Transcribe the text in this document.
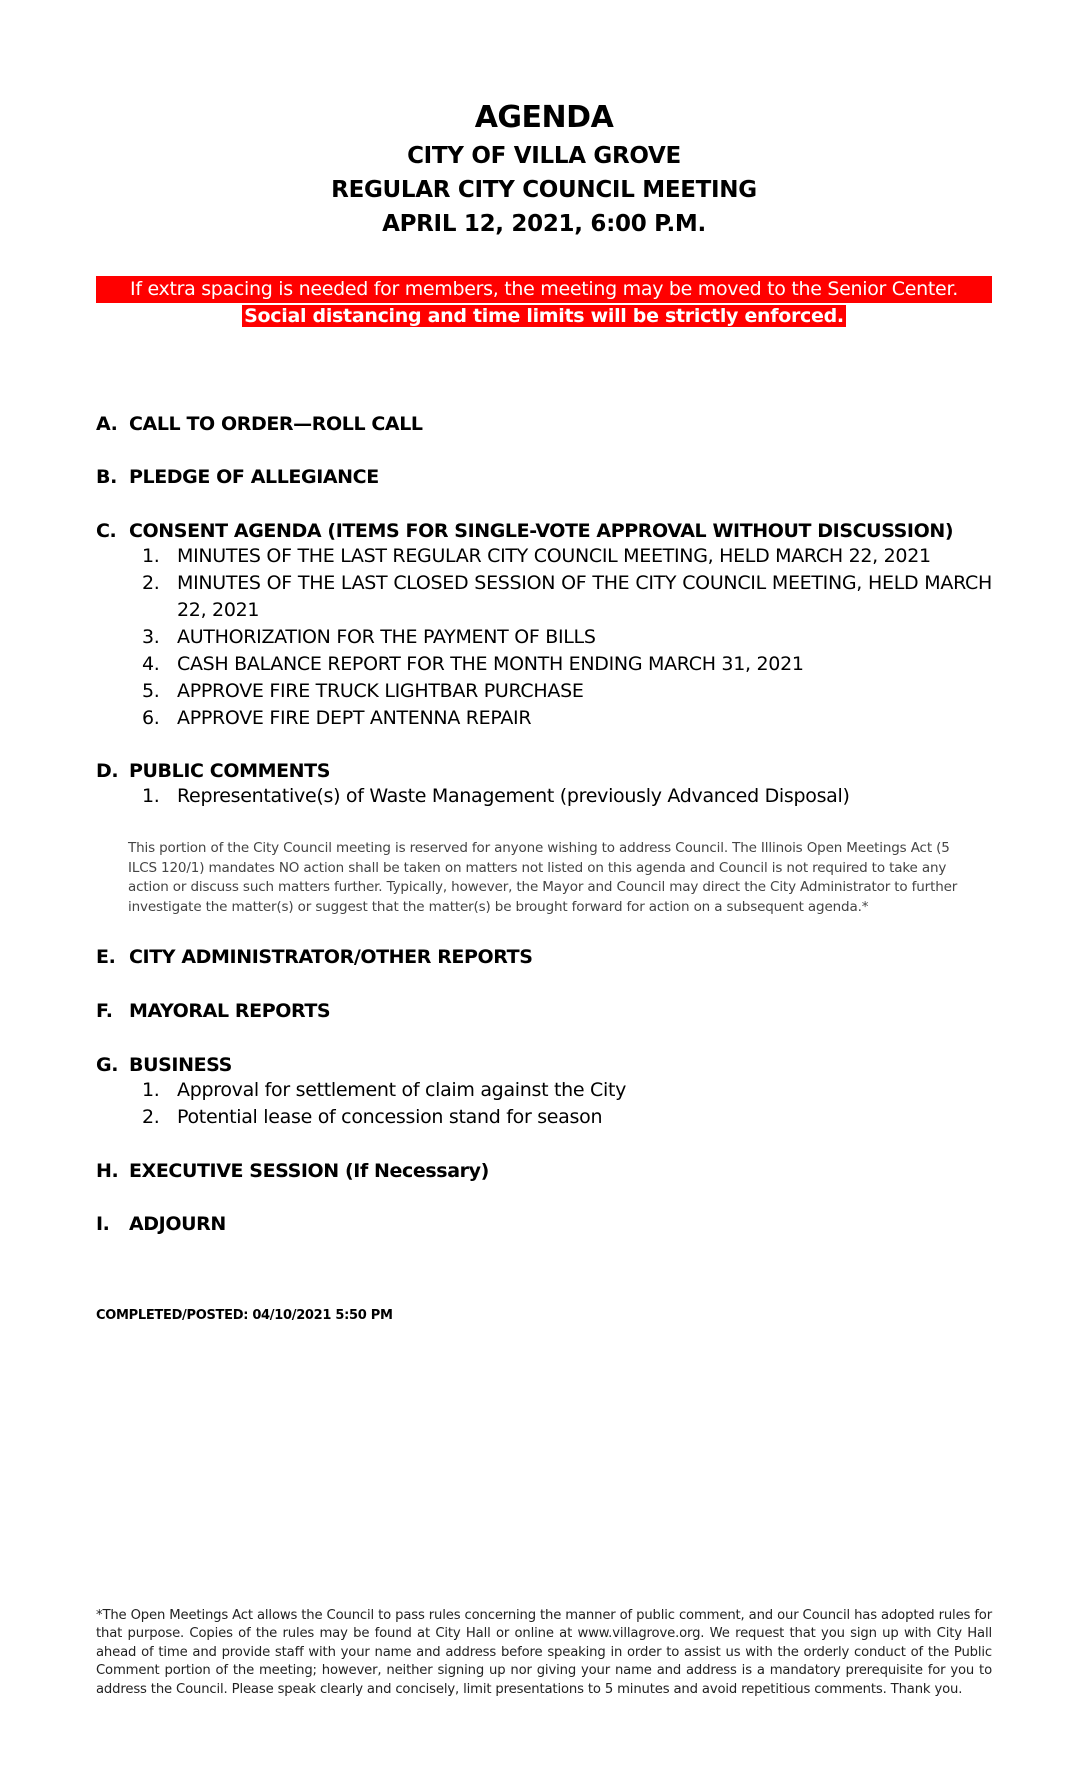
AGENDA
CITY OF VILLA GROVE
REGULAR CITY COUNCIL MEETING
APRIL 12, 2021, 6:00 P.M.
If extra spacing is needed for members, the meeting may be moved to the Senior Center.
Social distancing and time limits will be strictly enforced.
A. CALL TO ORDER—ROLL CALL
B. PLEDGE OF ALLEGIANCE
C. CONSENT AGENDA (ITEMS FOR SINGLE-VOTE APPROVAL WITHOUT DISCUSSION)
1. MINUTES OF THE LAST REGULAR CITY COUNCIL MEETING, HELD MARCH 22, 2021
2. MINUTES OF THE LAST CLOSED SESSION OF THE CITY COUNCIL MEETING, HELD MARCH 22, 2021
3. AUTHORIZATION FOR THE PAYMENT OF BILLS
4. CASH BALANCE REPORT FOR THE MONTH ENDING MARCH 31, 2021
5. APPROVE FIRE TRUCK LIGHTBAR PURCHASE
6. APPROVE FIRE DEPT ANTENNA REPAIR
D. PUBLIC COMMENTS
1. Representative(s) of Waste Management (previously Advanced Disposal)
This portion of the City Council meeting is reserved for anyone wishing to address Council. The Illinois Open Meetings Act (5 ILCS 120/1) mandates NO action shall be taken on matters not listed on this agenda and Council is not required to take any action or discuss such matters further. Typically, however, the Mayor and Council may direct the City Administrator to further investigate the matter(s) or suggest that the matter(s) be brought forward for action on a subsequent agenda.*
E. CITY ADMINISTRATOR/OTHER REPORTS
F. MAYORAL REPORTS
G. BUSINESS
1. Approval for settlement of claim against the City
2. Potential lease of concession stand for season
H. EXECUTIVE SESSION (If Necessary)
I. ADJOURN
COMPLETED/POSTED: 04/10/2021 5:50 PM
*The Open Meetings Act allows the Council to pass rules concerning the manner of public comment, and our Council has adopted rules for that purpose. Copies of the rules may be found at City Hall or online at www.villagrove.org. We request that you sign up with City Hall ahead of time and provide staff with your name and address before speaking in order to assist us with the orderly conduct of the Public Comment portion of the meeting; however, neither signing up nor giving your name and address is a mandatory prerequisite for you to address the Council. Please speak clearly and concisely, limit presentations to 5 minutes and avoid repetitious comments. Thank you.
